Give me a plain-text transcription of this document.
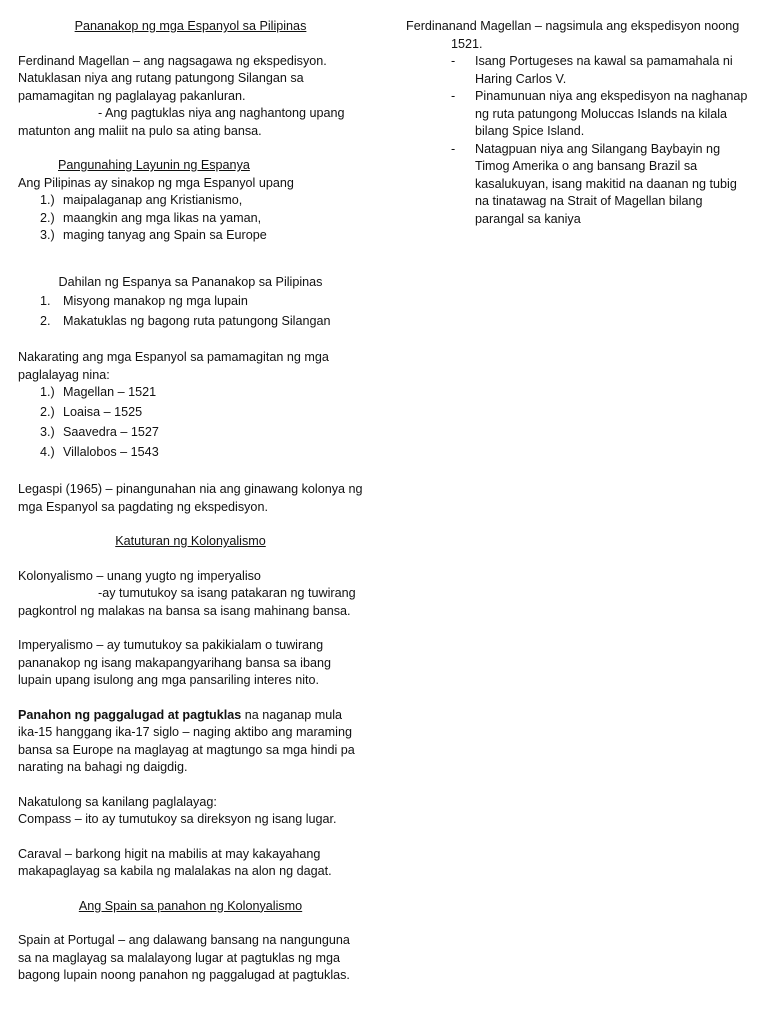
Pananakop ng mga Espanyol sa Pilipinas

Ferdinand Magellan – ang nagsagawa ng ekspedisyon. Natuklasan niya ang rutang patungong Silangan sa pamamagitan ng paglalayag pakanluran.

- Ang pagtuklas niya ang naghantong upang

matunton ang maliit na pulo sa ating bansa.

Pangunahing Layunin ng Espanya

Ang Pilipinas ay sinakop ng mga Espanyol upang

1.) maipalaganap ang Kristianismo,
2.) maangkin ang mga likas na yaman,
3.) maging tanyag ang Spain sa Europe

Dahilan ng Espanya sa Pananakop sa Pilipinas

1. Misyong manakop ng mga lupain
2. Makatuklas ng bagong ruta patungong Silangan

Nakarating ang mga Espanyol sa pamamagitan ng mga paglalayag nina:

1.) Magellan – 1521
2.) Loaisa – 1525
3.) Saavedra – 1527
4.) Villalobos – 1543

Legaspi (1965) – pinangunahan nia ang ginawang kolonya ng mga Espanyol sa pagdating ng ekspedisyon.

Katuturan ng Kolonyalismo

Kolonyalismo – unang yugto ng imperyaliso

-ay tumutukoy sa isang patakaran ng tuwirang

pagkontrol ng malakas na bansa sa isang mahinang bansa.

Imperyalismo – ay tumutukoy sa pakikialam o tuwirang pananakop ng isang makapangyarihang bansa sa ibang lupain upang isulong ang mga pansariling interes nito.

Panahon ng paggalugad at pagtuklas na naganap mula ika-15 hanggang ika-17 siglo – naging aktibo ang maraming bansa sa Europe na maglayag at magtungo sa mga hindi pa narating na bahagi ng daigdig.

Nakatulong sa kanilang paglalayag:

Compass – ito ay tumutukoy sa direksyon ng isang lugar.

Caraval – barkong higit na mabilis at may kakayahang makapaglayag sa kabila ng malalakas na alon ng dagat.

Ang Spain sa panahon ng Kolonyalismo

Spain at Portugal – ang dalawang bansang na nangunguna sa na maglayag sa malalayong lugar at pagtuklas ng mga bagong lupain noong panahon ng paggalugad at pagtuklas.

Ferdinanand Magellan – nagsimula ang ekspedisyon noong

1521.

-	Isang Portugeses na kawal sa pamamahala ni Haring Carlos V.
-	Pinamunuan niya ang ekspedisyon na naghanap ng ruta patungong Moluccas Islands na kilala bilang Spice Island.
-	Natagpuan niya ang Silangang Baybayin ng Timog Amerika o ang bansang Brazil sa kasalukuyan, isang makitid na daanan ng tubig na tinatawag na Strait of Magellan bilang parangal sa kaniya
